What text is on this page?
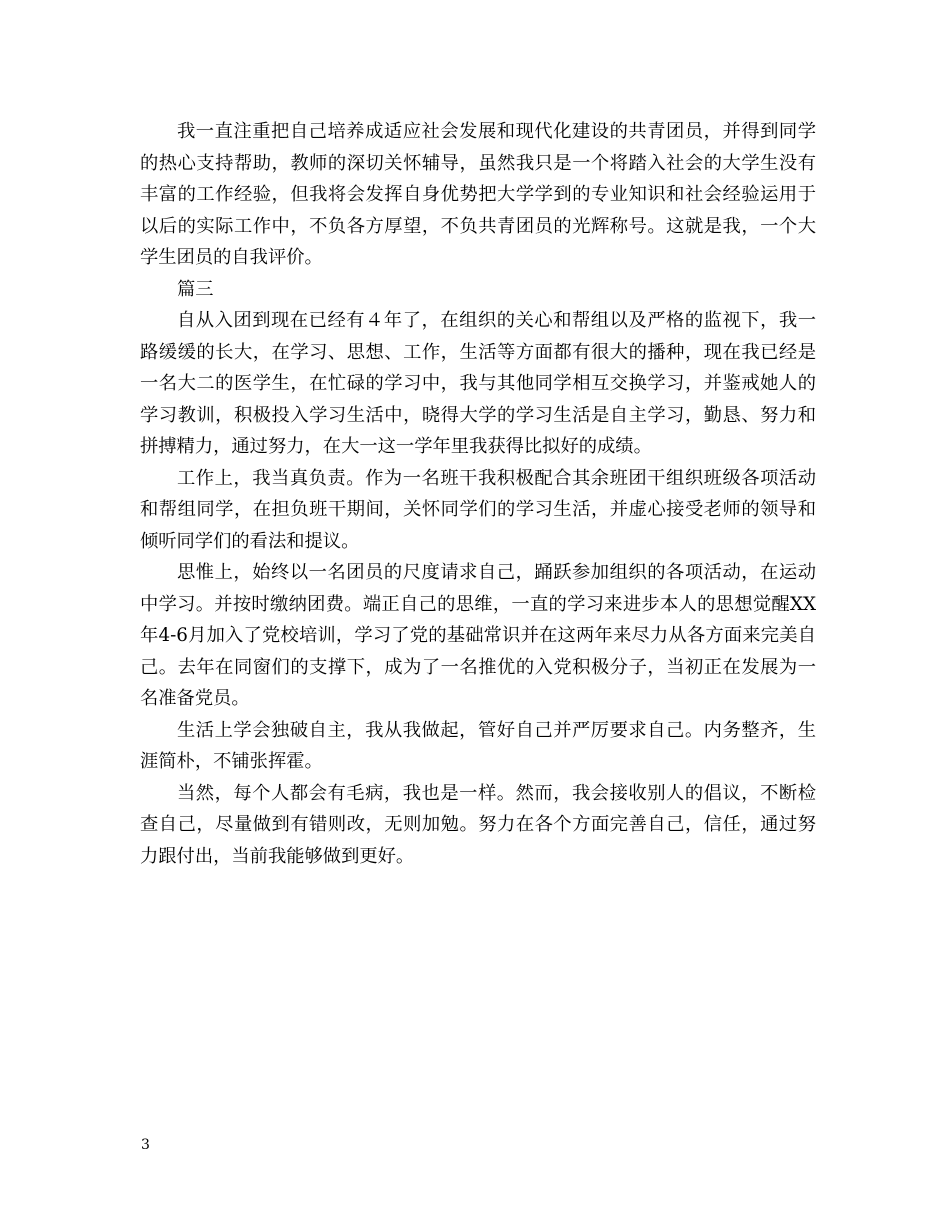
我一直注重把自己培养成适应社会发展和现代化建设的共青团员，并得到同学的热心支持帮助，教师的深切关怀辅导，虽然我只是一个将踏入社会的大学生没有丰富的工作经验，但我将会发挥自身优势把大学学到的专业知识和社会经验运用于以后的实际工作中，不负各方厚望，不负共青团员的光辉称号。这就是我，一个大学生团员的自我评价。

篇三

自从入团到现在已经有４年了，在组织的关心和帮组以及严格的监视下，我一路缓缓的长大，在学习、思想、工作，生活等方面都有很大的播种，现在我已经是一名大二的医学生，在忙碌的学习中，我与其他同学相互交换学习，并鉴戒她人的学习教训，积极投入学习生活中，晓得大学的学习生活是自主学习，勤恳、努力和拼搏精力，通过努力，在大一这一学年里我获得比拟好的成绩。

工作上，我当真负责。作为一名班干我积极配合其余班团干组织班级各项活动和帮组同学，在担负班干期间，关怀同学们的学习生活，并虚心接受老师的领导和倾听同学们的看法和提议。

思惟上，始终以一名团员的尺度请求自己，踊跃参加组织的各项活动，在运动中学习。并按时缴纳团费。端正自己的思维，一直的学习来进步本人的思想觉醒XX年4-6月加入了党校培训，学习了党的基础常识并在这两年来尽力从各方面来完美自己。去年在同窗们的支撑下，成为了一名推优的入党积极分子，当初正在发展为一名准备党员。

生活上学会独破自主，我从我做起，管好自己并严厉要求自己。内务整齐，生涯简朴，不铺张挥霍。

当然，每个人都会有毛病，我也是一样。然而，我会接收别人的倡议，不断检查自己，尽量做到有错则改，无则加勉。努力在各个方面完善自己，信任，通过努力跟付出，当前我能够做到更好。

3
